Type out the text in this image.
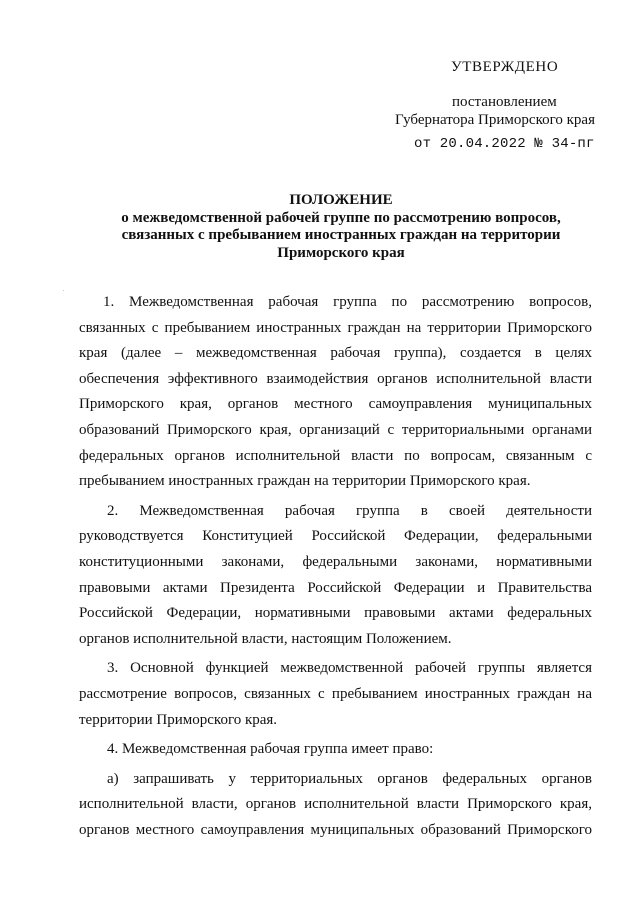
УТВЕРЖДЕНО
постановлением
Губернатора Приморского края
от 20.04.2022 № 34-пг
ПОЛОЖЕНИЕ
о межведомственной рабочей группе по рассмотрению вопросов,
связанных с пребыванием иностранных граждан на территории
Приморского края
1. Межведомственная рабочая группа по рассмотрению вопросов,
связанных с пребыванием иностранных граждан на территории Приморского
края (далее – межведомственная рабочая группа), создается в целях
обеспечения эффективного взаимодействия органов исполнительной власти
Приморского края, органов местного самоуправления муниципальных
образований Приморского края, организаций с территориальными органами
федеральных органов исполнительной власти по вопросам, связанным с
пребыванием иностранных граждан на территории Приморского края.
2. Межведомственная рабочая группа в своей деятельности
руководствуется Конституцией Российской Федерации, федеральными
конституционными законами, федеральными законами, нормативными
правовыми актами Президента Российской Федерации и Правительства
Российской Федерации, нормативными правовыми актами федеральных
органов исполнительной власти, настоящим Положением.
3. Основной функцией межведомственной рабочей группы является
рассмотрение вопросов, связанных с пребыванием иностранных граждан на
территории Приморского края.
4. Межведомственная рабочая группа имеет право:
а) запрашивать у территориальных органов федеральных органов
исполнительной власти, органов исполнительной власти Приморского края,
органов местного самоуправления муниципальных образований Приморского
